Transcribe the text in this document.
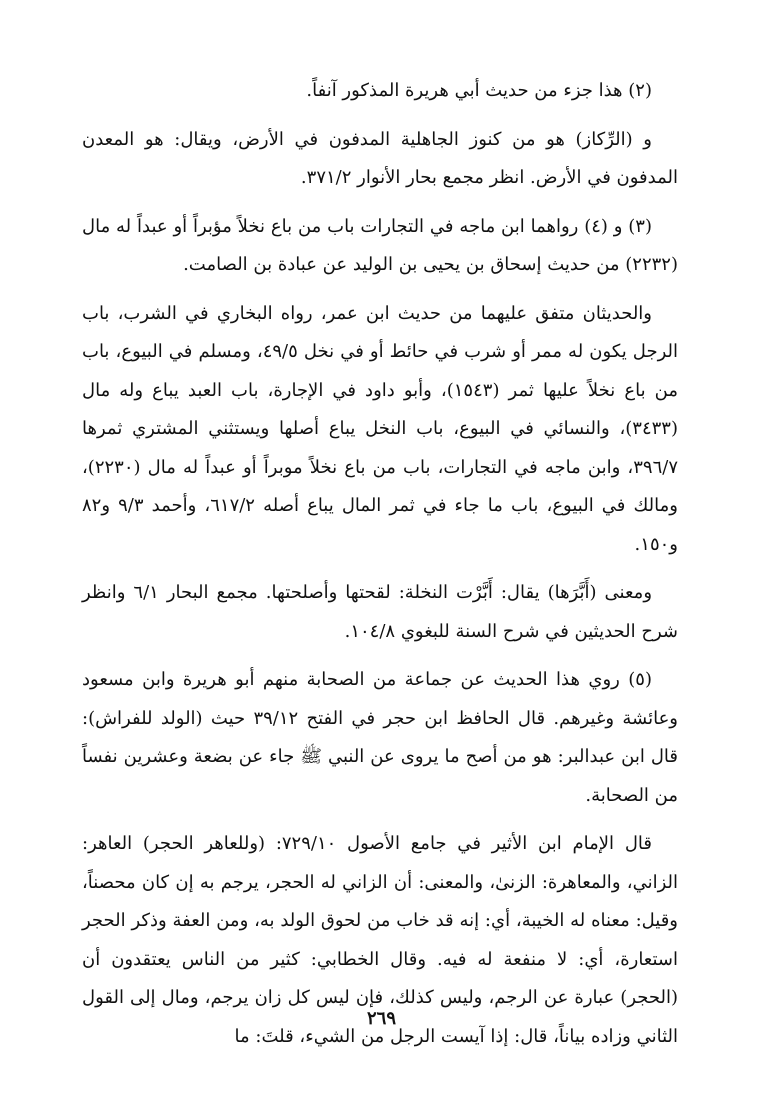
(٢) هذا جزء من حديث أبي هريرة المذكور آنفاً.

و (الرِّكاز) هو من كنوز الجاهلية المدفون في الأرض، ويقال: هو المعدن المدفون في الأرض. انظر مجمع بحار الأنوار ٣٧١/٢.

(٣) و (٤) رواهما ابن ماجه في التجارات باب من باع نخلاً مؤبراً أو عبداً له مال (٢٢٣٢) من حديث إسحاق بن يحيى بن الوليد عن عبادة بن الصامت.

والحديثان متفق عليهما من حديث ابن عمر، رواه البخاري في الشرب، باب الرجل يكون له ممر أو شرب في حائط أو في نخل ٤٩/٥، ومسلم في البيوع، باب من باع نخلاً عليها ثمر (١٥٤٣)، وأبو داود في الإجارة، باب العبد يباع وله مال (٣٤٣٣)، والنسائي في البيوع، باب النخل يباع أصلها ويستثني المشتري ثمرها ٣٩٦/٧، وابن ماجه في التجارات، باب من باع نخلاً موبراً أو عبداً له مال (٢٢٣٠)، ومالك في البيوع، باب ما جاء في ثمر المال يباع أصله ٦١٧/٢، وأحمد ٩/٣ و٨٢ و١٥٠.

ومعنى (أَبَّرَها) يقال: أَبَّرْت النخلة: لقحتها وأصلحتها. مجمع البحار ٦/١ وانظر شرح الحديثين في شرح السنة للبغوي ١٠٤/٨.

(٥) روي هذا الحديث عن جماعة من الصحابة منهم أبو هريرة وابن مسعود وعائشة وغيرهم. قال الحافظ ابن حجر في الفتح ٣٩/١٢ حيث (الولد للفراش): قال ابن عبدالبر: هو من أصح ما يروى عن النبي ﷺ جاء عن بضعة وعشرين نفساً من الصحابة.

قال الإمام ابن الأثير في جامع الأصول ٧٢٩/١٠: (وللعاهر الحجر) العاهر: الزاني، والمعاهرة: الزنىٰ، والمعنى: أن الزاني له الحجر، يرجم به إن كان محصناً، وقيل: معناه له الخيبة، أي: إنه قد خاب من لحوق الولد به، ومن العفة وذكر الحجر استعارة، أي: لا منفعة له فيه. وقال الخطابي: كثير من الناس يعتقدون أن (الحجر) عبارة عن الرجم، وليس كذلك، فإن ليس كل زان يرجم، ومال إلى القول الثاني وزاده بياناً، قال: إذا آيست الرجل من الشيء، قلتَ: ما

٢٦٩
